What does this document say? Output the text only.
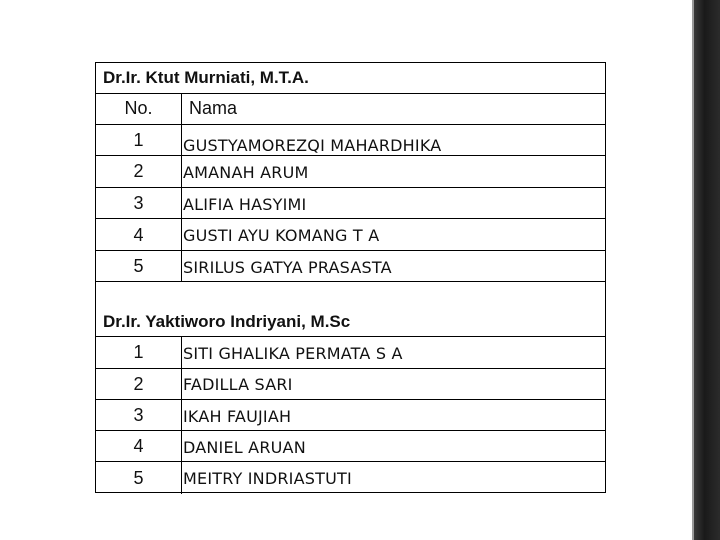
Dr.Ir. Ktut Murniati, M.T.A.
No.	Nama
1	GUSTYAMOREZQI MAHARDHIKA
2	AMANAH ARUM
3	ALIFIA HASYIMI
4	GUSTI AYU KOMANG T A
5	SIRILUS GATYA PRASASTA
Dr.Ir. Yaktiworo Indriyani, M.Sc
1	SITI GHALIKA PERMATA S A
2	FADILLA SARI
3	IKAH FAUJIAH
4	DANIEL ARUAN
5	MEITRY INDRIASTUTI
